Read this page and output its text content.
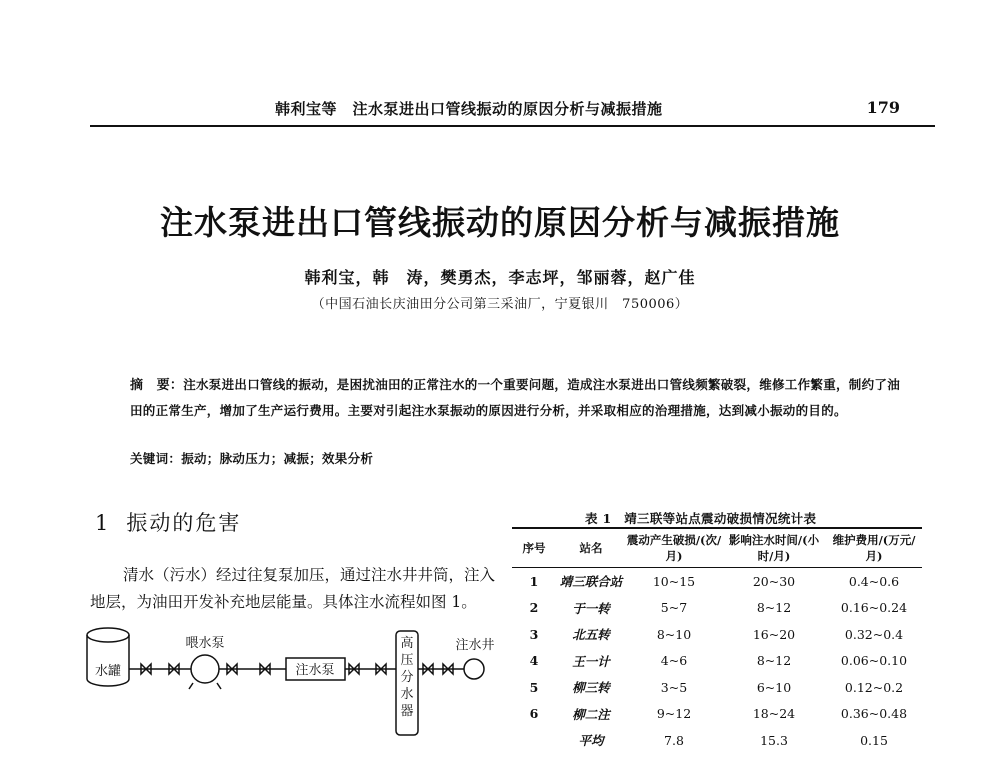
韩利宝等　注水泵进出口管线振动的原因分析与减振措施	179
注水泵进出口管线振动的原因分析与减振措施
韩利宝，韩　涛，樊勇杰，李志坪，邹丽蓉，赵广佳
（中国石油长庆油田分公司第三采油厂，宁夏银川　750006）
摘　要：注水泵进出口管线的振动，是困扰油田的正常注水的一个重要问题，造成注水泵进出口管线频繁破裂，维修工作繁重，制约了油田的正常生产，增加了生产运行费用。主要对引起注水泵振动的原因进行分析，并采取相应的治理措施，达到减小振动的目的。
关键词：振动；脉动压力；减振；效果分析
1 振动的危害
清水（污水）经过往复泵加压，通过注水井井筒，注入地层，为油田开发补充地层能量。具体注水流程如图 1。
水罐
喂水泵
注水泵
高压分水器
注水井
表 1　靖三联等站点震动破损情况统计表
序号	站名	震动产生破损/(次/月)	影响注水时间/(小时/月)	维护费用/(万元/月)
1	靖三联合站	10~15	20~30	0.4~0.6
2	于一转	5~7	8~12	0.16~0.24
3	北五转	8~10	16~20	0.32~0.4
4	王一计	4~6	8~12	0.06~0.10
5	柳三转	3~5	6~10	0.12~0.2
6	柳二注	9~12	18~24	0.36~0.48
	平均	7.8	15.3	0.15
